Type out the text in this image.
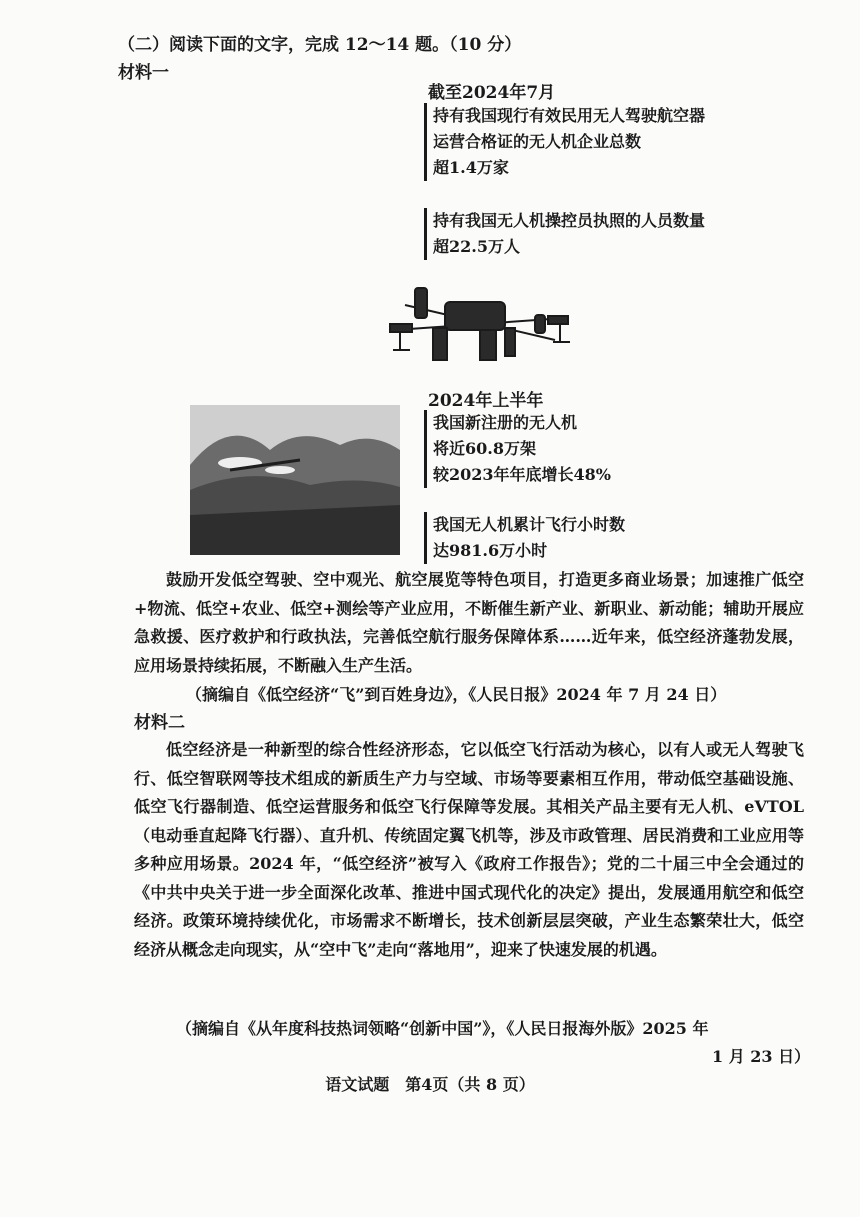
（二）阅读下面的文字，完成 12～14 题。（10 分）
材料一
截至2024年7月
持有我国现行有效民用无人驾驶航空器
运营合格证的无人机企业总数
超1.4万家
持有我国无人机操控员执照的人员数量
超22.5万人
2024年上半年
我国新注册的无人机
将近60.8万架
较2023年年底增长48%
我国无人机累计飞行小时数
达981.6万小时
鼓励开发低空驾驶、空中观光、航空展览等特色项目，打造更多商业场景；加速推广低空+物流、低空+农业、低空+测绘等产业应用，不断催生新产业、新职业、新动能；辅助开展应急救援、医疗救护和行政执法，完善低空航行服务保障体系……近年来，低空经济蓬勃发展，应用场景持续拓展，不断融入生产生活。
（摘编自《低空经济“飞”到百姓身边》，《人民日报》2024 年 7 月 24 日）
材料二
低空经济是一种新型的综合性经济形态，它以低空飞行活动为核心，以有人或无人驾驶飞行、低空智联网等技术组成的新质生产力与空域、市场等要素相互作用，带动低空基础设施、低空飞行器制造、低空运营服务和低空飞行保障等发展。其相关产品主要有无人机、eVTOL（电动垂直起降飞行器）、直升机、传统固定翼飞机等，涉及市政管理、居民消费和工业应用等多种应用场景。2024 年，“低空经济”被写入《政府工作报告》；党的二十届三中全会通过的《中共中央关于进一步全面深化改革、推进中国式现代化的决定》提出，发展通用航空和低空经济。政策环境持续优化，市场需求不断增长，技术创新层层突破，产业生态繁荣壮大，低空经济从概念走向现实，从“空中飞”走向“落地用”，迎来了快速发展的机遇。
（摘编自《从年度科技热词领略“创新中国”》，《人民日报海外版》2025 年
1 月 23 日）
语文试题　第4页（共 8 页）
